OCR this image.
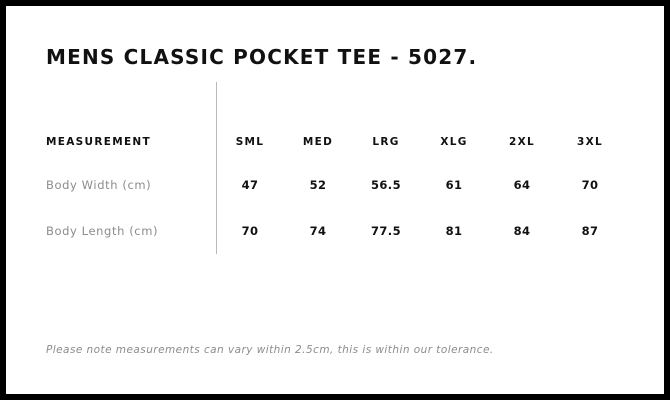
MENS CLASSIC POCKET TEE - 5027.
MEASUREMENT	SML	MED	LRG	XLG	2XL	3XL
Body Width (cm)	47	52	56.5	61	64	70
Body Length (cm)	70	74	77.5	81	84	87
Please note measurements can vary within 2.5cm, this is within our tolerance.
